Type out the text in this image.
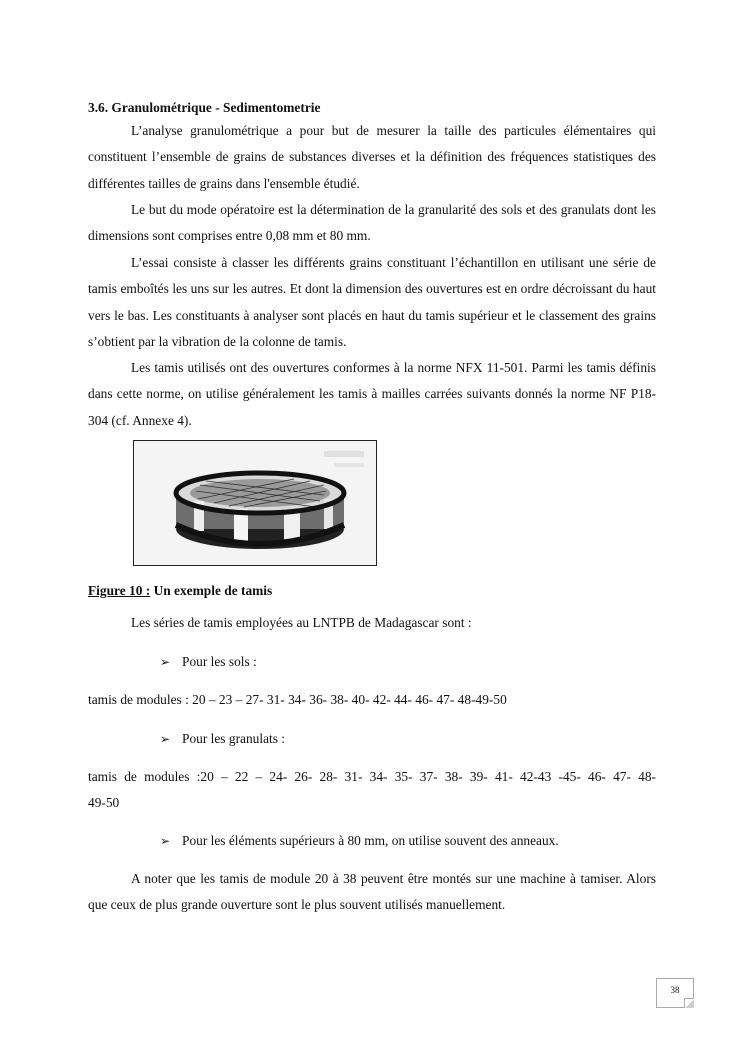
3.6. Granulométrique - Sedimentometrie

L’analyse granulométrique a pour but de mesurer la taille des particules élémentaires qui constituent l’ensemble de grains de substances diverses et la définition des fréquences statistiques des différentes tailles de grains dans l'ensemble étudié.

Le but du mode opératoire est la détermination de la granularité des sols et des granulats dont les dimensions sont comprises entre 0,08 mm et 80 mm.

L’essai consiste à classer les différents grains constituant l’échantillon en utilisant une série de tamis emboîtés les uns sur les autres. Et dont la dimension des ouvertures est en ordre décroissant du haut vers le bas. Les constituants à analyser sont placés en haut du tamis supérieur et le classement des grains s’obtient par la vibration de la colonne de tamis.

Les tamis utilisés ont des ouvertures conformes à la norme NFX 11-501. Parmi les tamis définis dans cette norme, on utilise généralement les tamis à mailles carrées suivants donnés la norme NF P18-304 (cf. Annexe 4).

Figure 10 : Un exemple de tamis
Les séries de tamis employées au LNTPB de Madagascar sont :
➢ Pour les sols :
tamis de modules : 20 – 23 – 27- 31- 34- 36- 38- 40- 42- 44- 46- 47- 48-49-50
➢ Pour les granulats :
tamis de modules :20 – 22 – 24- 26- 28- 31- 34- 35- 37- 38- 39- 41- 42-43 -45- 46- 47- 48-
49-50
➢ Pour les éléments supérieurs à 80 mm, on utilise souvent des anneaux.

A noter que les tamis de module 20 à 38 peuvent être montés sur une machine à tamiser. Alors que ceux de plus grande ouverture sont le plus souvent utilisés manuellement.

38
